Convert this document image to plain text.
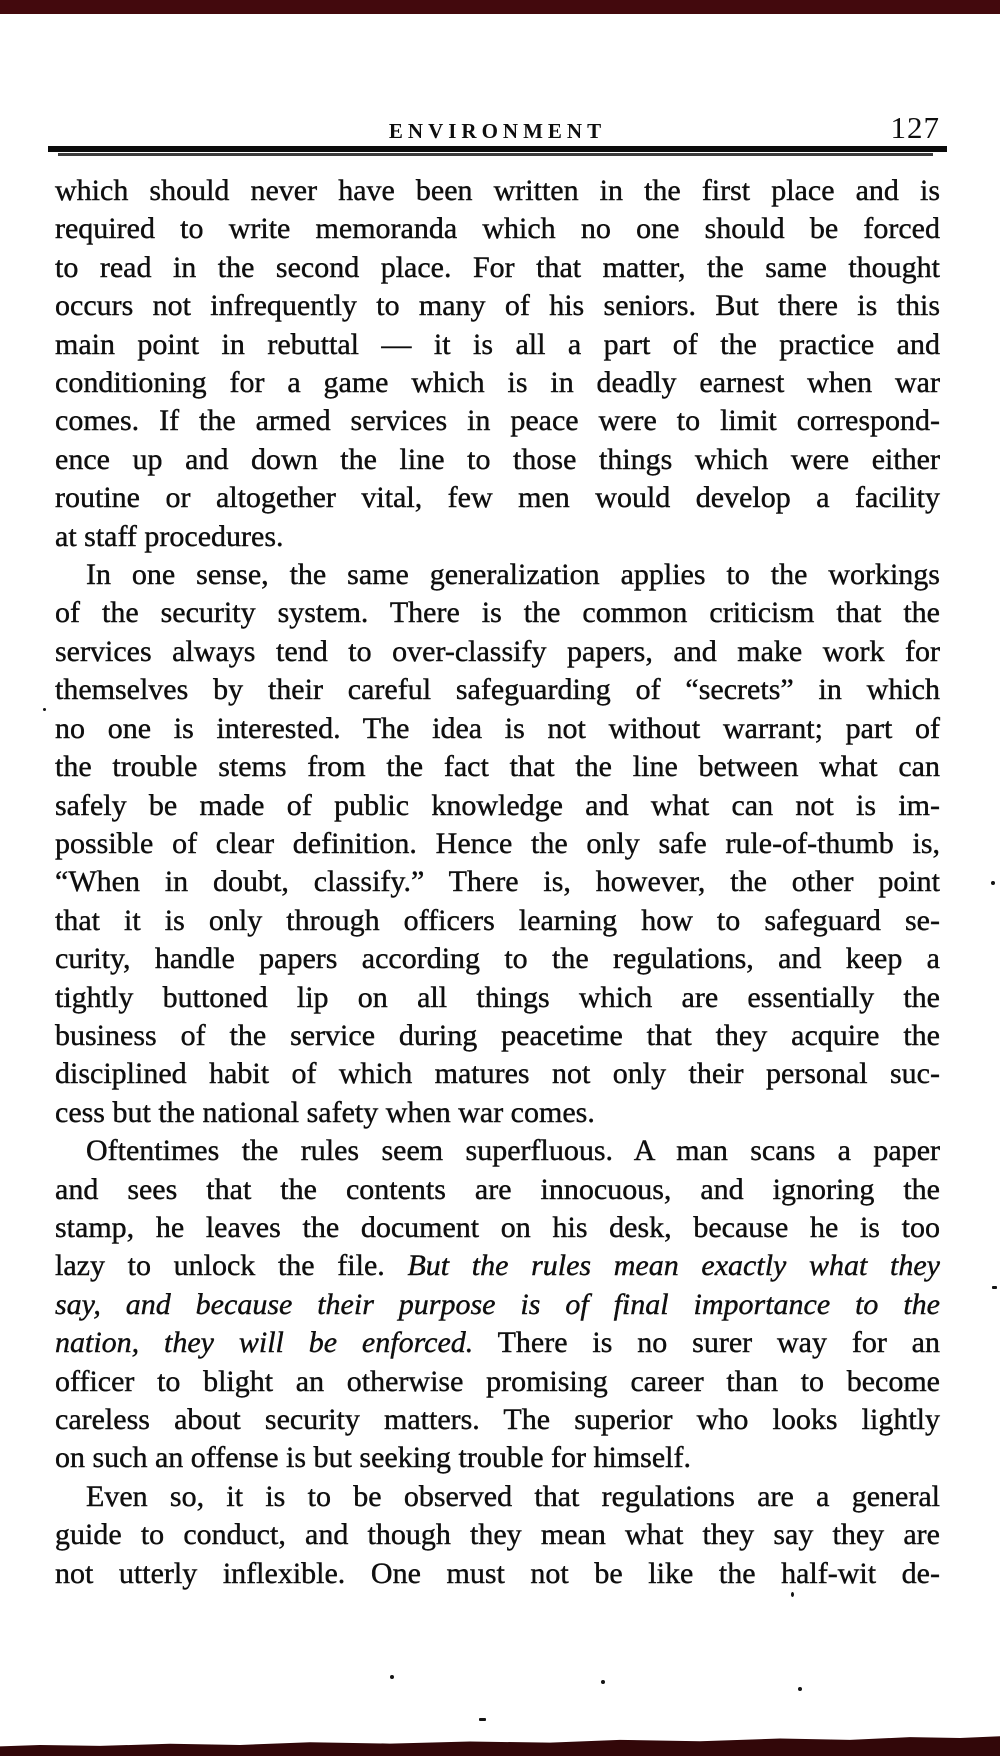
ENVIRONMENT	127
which should never have been written in the first place and is
required to write memoranda which no one should be forced
to read in the second place. For that matter, the same thought
occurs not infrequently to many of his seniors. But there is this
main point in rebuttal — it is all a part of the practice and
conditioning for a game which is in deadly earnest when war
comes. If the armed services in peace were to limit correspond-
ence up and down the line to those things which were either
routine or altogether vital, few men would develop a facility
at staff procedures.
In one sense, the same generalization applies to the workings
of the security system. There is the common criticism that the
services always tend to over-classify papers, and make work for
themselves by their careful safeguarding of “secrets” in which
no one is interested. The idea is not without warrant; part of
the trouble stems from the fact that the line between what can
safely be made of public knowledge and what can not is im-
possible of clear definition. Hence the only safe rule-of-thumb is,
“When in doubt, classify.” There is, however, the other point
that it is only through officers learning how to safeguard se-
curity, handle papers according to the regulations, and keep a
tightly buttoned lip on all things which are essentially the
business of the service during peacetime that they acquire the
disciplined habit of which matures not only their personal suc-
cess but the national safety when war comes.
Oftentimes the rules seem superfluous. A man scans a paper
and sees that the contents are innocuous, and ignoring the
stamp, he leaves the document on his desk, because he is too
lazy to unlock the file. But the rules mean exactly what they
say, and because their purpose is of final importance to the
nation, they will be enforced. There is no surer way for an
officer to blight an otherwise promising career than to become
careless about security matters. The superior who looks lightly
on such an offense is but seeking trouble for himself.
Even so, it is to be observed that regulations are a general
guide to conduct, and though they mean what they say they are
not utterly inflexible. One must not be like the half-wit de-
